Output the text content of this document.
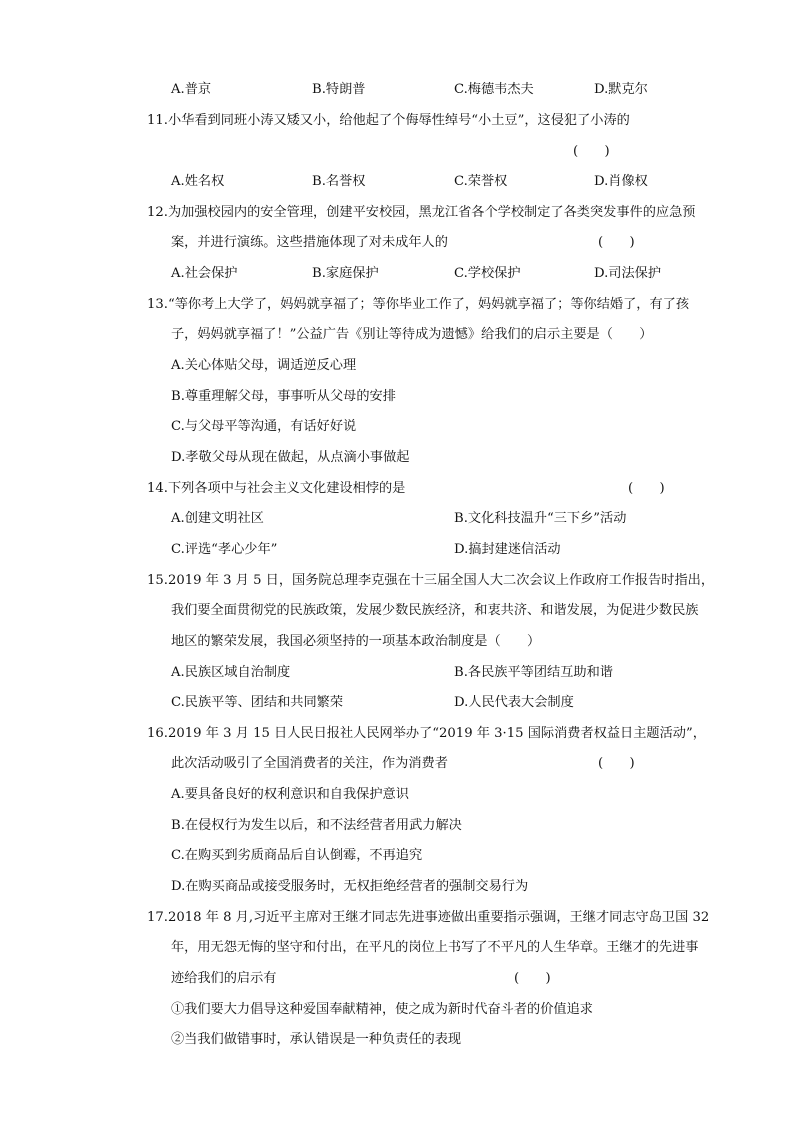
A.普京	B.特朗普	C.梅德韦杰夫	D.默克尔
11.小华看到同班小涛又矮又小，给他起了个侮辱性绰号“小土豆”，这侵犯了小涛的
(　　)
A.姓名权	B.名誉权	C.荣誉权	D.肖像权
12.为加强校园内的安全管理，创建平安校园，黑龙江省各个学校制定了各类突发事件的应急预
案，并进行演练。这些措施体现了对未成年人的	(　　)
A.社会保护	B.家庭保护	C.学校保护	D.司法保护
13.“等你考上大学了，妈妈就享福了；等你毕业工作了，妈妈就享福了；等你结婚了，有了孩
子，妈妈就享福了！”公益广告《别让等待成为遗憾》给我们的启示主要是（　　）
A.关心体贴父母，调适逆反心理
B.尊重理解父母，事事听从父母的安排
C.与父母平等沟通，有话好好说
D.孝敬父母从现在做起，从点滴小事做起
14.下列各项中与社会主义文化建设相悖的是	(　　)
A.创建文明社区	B.文化科技温升“三下乡”活动
C.评选“孝心少年”	D.搞封建迷信活动
15.2019 年 3 月 5 日，国务院总理李克强在十三届全国人大二次会议上作政府工作报告时指出，
我们要全面贯彻党的民族政策，发展少数民族经济，和衷共济、和谐发展，为促进少数民族
地区的繁荣发展，我国必须坚持的一项基本政治制度是（　　）
A.民族区域自治制度	B.各民族平等团结互助和谐
C.民族平等、团结和共同繁荣	D.人民代表大会制度
16.2019 年 3 月 15 日人民日报社人民网举办了“2019 年 3·15 国际消费者权益日主题活动”，
此次活动吸引了全国消费者的关注，作为消费者	(　　)
A.要具备良好的权利意识和自我保护意识
B.在侵权行为发生以后，和不法经营者用武力解决
C.在购买到劣质商品后自认倒霉，不再追究
D.在购买商品或接受服务时，无权拒绝经营者的强制交易行为
17.2018 年 8 月,习近平主席对王继才同志先进事迹做出重要指示强调，王继才同志守岛卫国 32
年，用无怨无悔的坚守和付出，在平凡的岗位上书写了不平凡的人生华章。王继才的先进事
迹给我们的启示有	(　　)
①我们要大力倡导这种爱国奉献精神，使之成为新时代奋斗者的价值追求
②当我们做错事时，承认错误是一种负责任的表现
